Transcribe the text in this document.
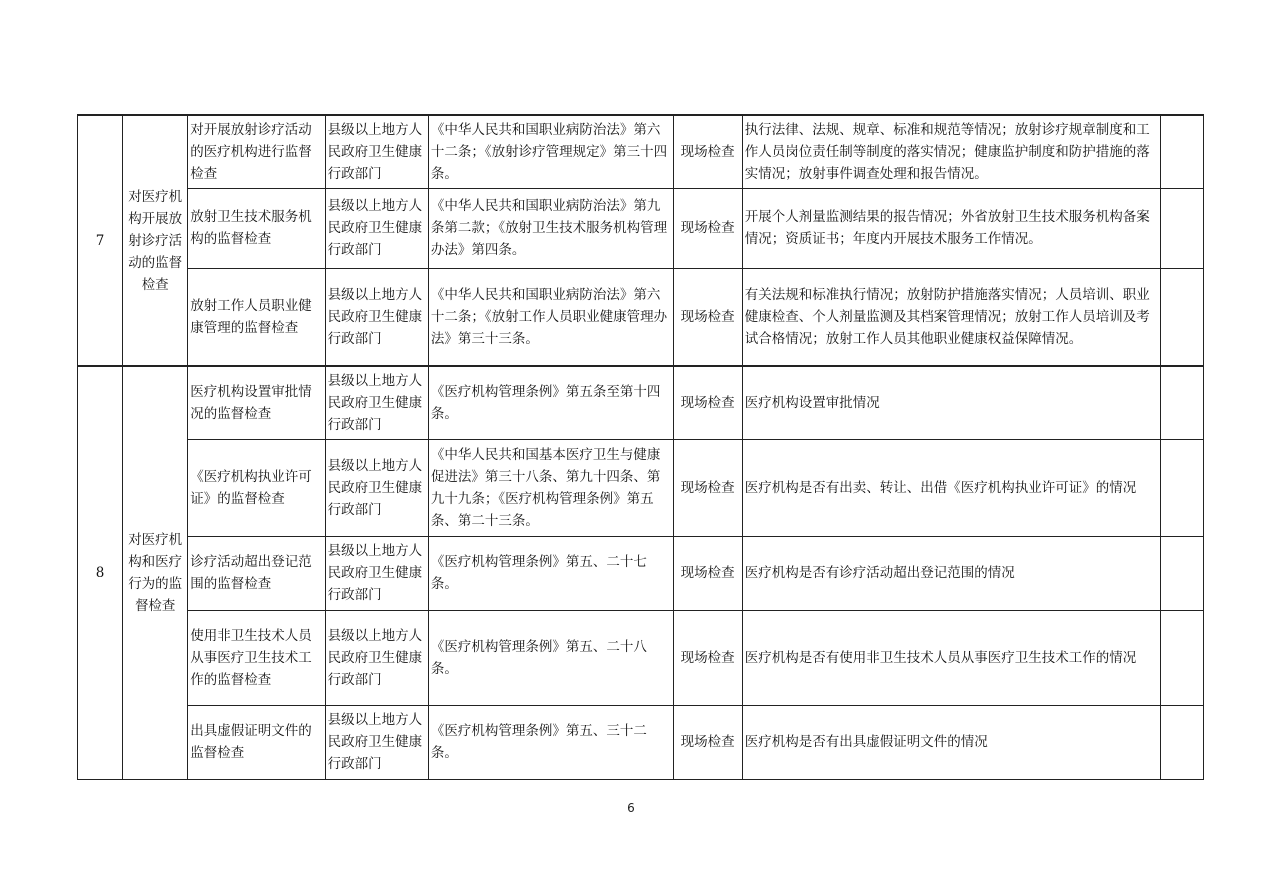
7	对医疗机构开展放射诊疗活动的监督检查	对开展放射诊疗活动的医疗机构进行监督检查	县级以上地方人民政府卫生健康行政部门	《中华人民共和国职业病防治法》第六十二条；《放射诊疗管理规定》第三十四条。	现场检查	执行法律、法规、规章、标准和规范等情况；放射诊疗规章制度和工作人员岗位责任制等制度的落实情况；健康监护制度和防护措施的落实情况；放射事件调查处理和报告情况。	
		放射卫生技术服务机构的监督检查	县级以上地方人民政府卫生健康行政部门	《中华人民共和国职业病防治法》第九条第二款；《放射卫生技术服务机构管理办法》第四条。	现场检查	开展个人剂量监测结果的报告情况；外省放射卫生技术服务机构备案情况；资质证书；年度内开展技术服务工作情况。	
		放射工作人员职业健康管理的监督检查	县级以上地方人民政府卫生健康行政部门	《中华人民共和国职业病防治法》第六十二条；《放射工作人员职业健康管理办法》第三十三条。	现场检查	有关法规和标准执行情况；放射防护措施落实情况；人员培训、职业健康检查、个人剂量监测及其档案管理情况；放射工作人员培训及考试合格情况；放射工作人员其他职业健康权益保障情况。	
8	对医疗机构和医疗行为的监督检查	医疗机构设置审批情况的监督检查	县级以上地方人民政府卫生健康行政部门	《医疗机构管理条例》第五条至第十四条。	现场检查	医疗机构设置审批情况	
		《医疗机构执业许可证》的监督检查	县级以上地方人民政府卫生健康行政部门	《中华人民共和国基本医疗卫生与健康促进法》第三十八条、第九十四条、第九十九条；《医疗机构管理条例》第五条、第二十三条。	现场检查	医疗机构是否有出卖、转让、出借《医疗机构执业许可证》的情况	
		诊疗活动超出登记范围的监督检查	县级以上地方人民政府卫生健康行政部门	《医疗机构管理条例》第五、二十七条。	现场检查	医疗机构是否有诊疗活动超出登记范围的情况	
		使用非卫生技术人员从事医疗卫生技术工作的监督检查	县级以上地方人民政府卫生健康行政部门	《医疗机构管理条例》第五、二十八条。	现场检查	医疗机构是否有使用非卫生技术人员从事医疗卫生技术工作的情况	
		出具虚假证明文件的监督检查	县级以上地方人民政府卫生健康行政部门	《医疗机构管理条例》第五、三十二条。	现场检查	医疗机构是否有出具虚假证明文件的情况	
6
